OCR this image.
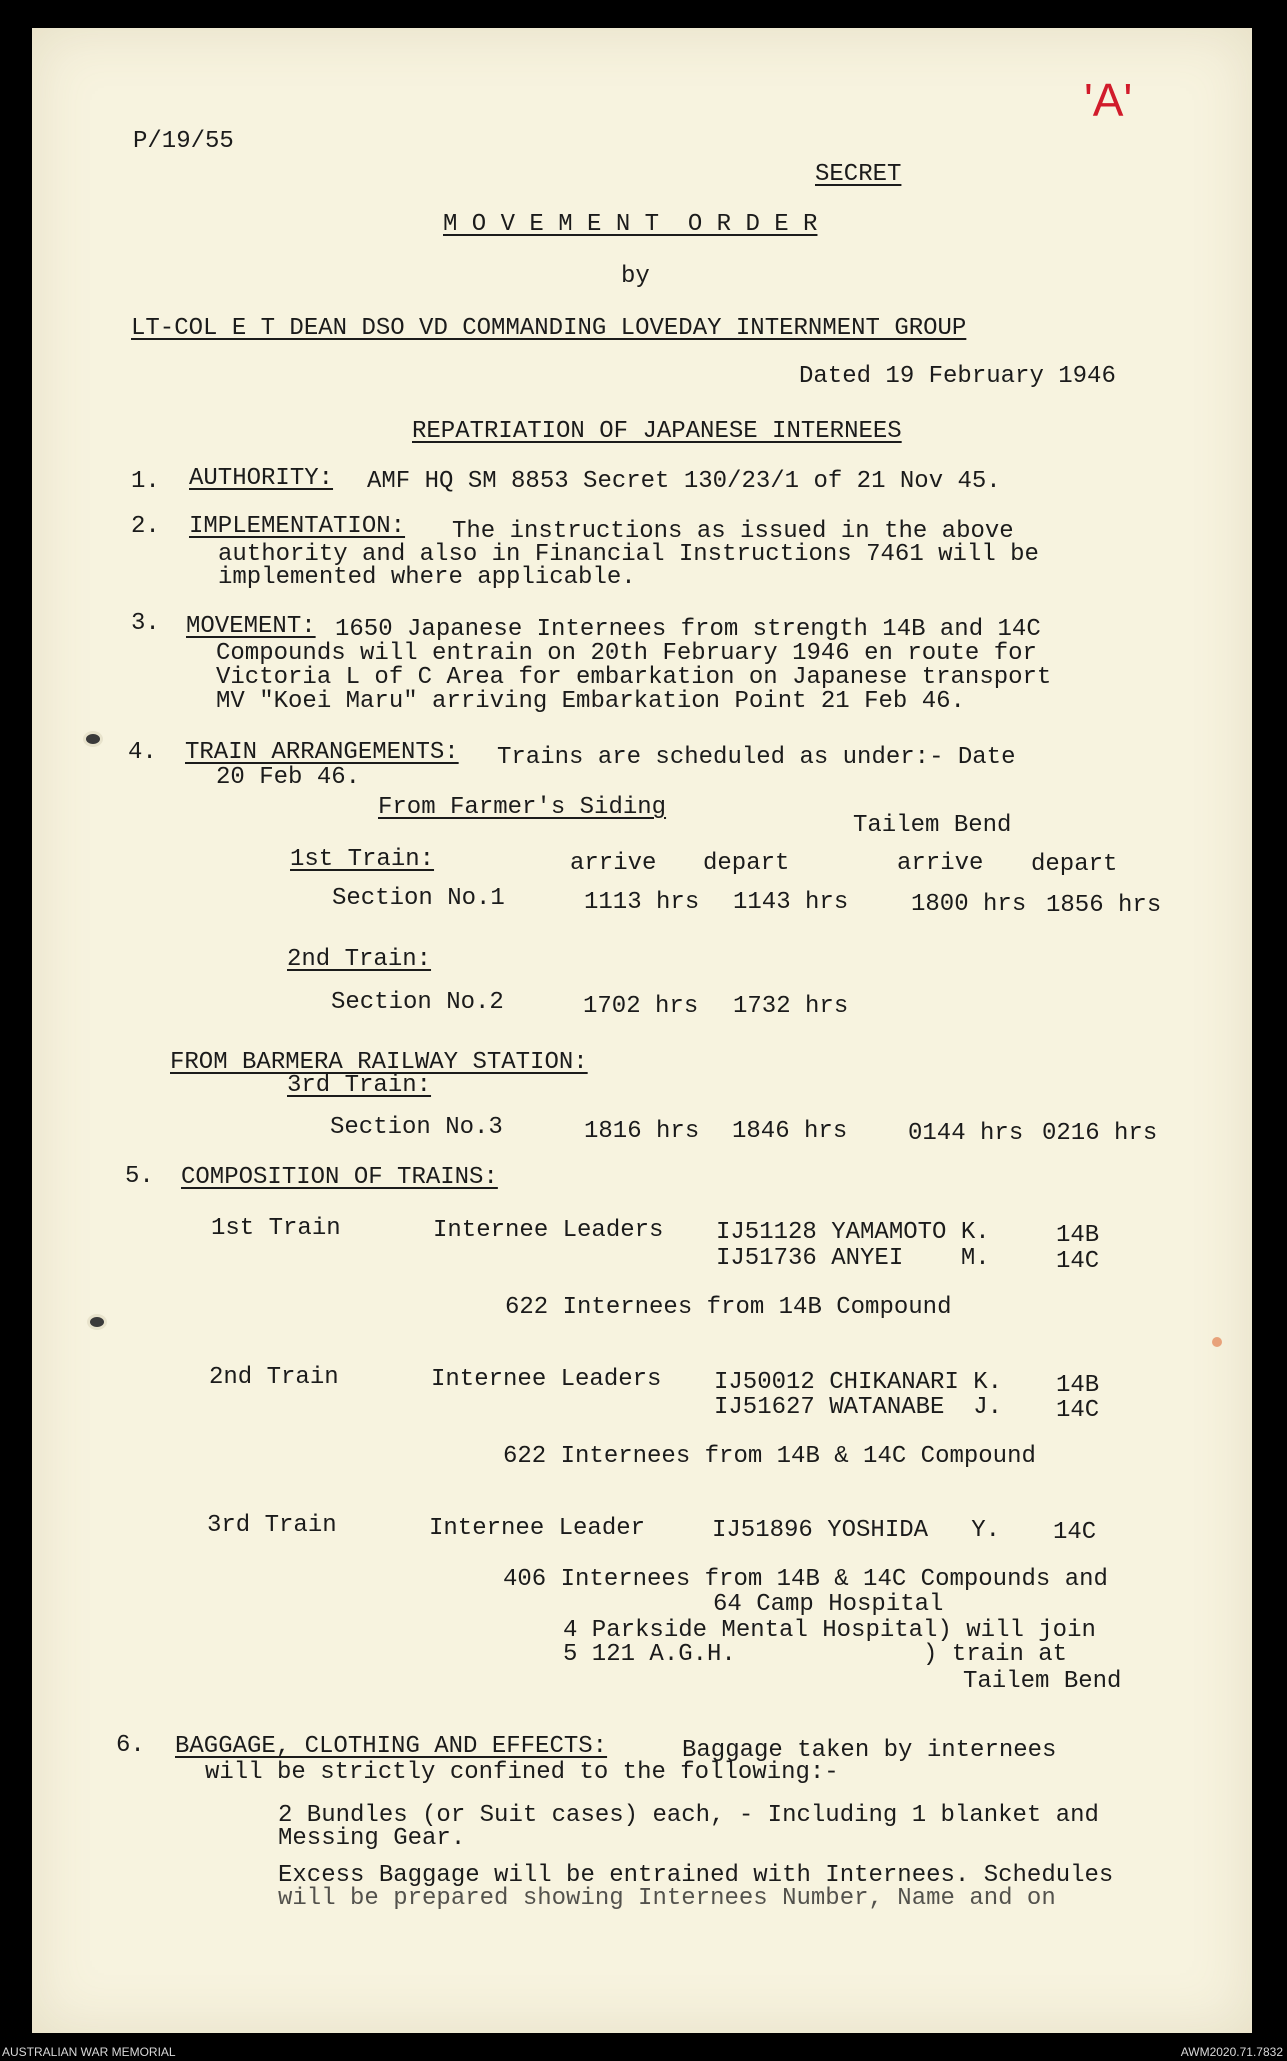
P/19/55
'A'
SECRET
M O V E M E N T  O R D E R
by
LT-COL E T DEAN DSO VD COMMANDING LOVEDAY INTERNMENT GROUP
Dated 19 February 1946
REPATRIATION OF JAPANESE INTERNEES
1. AUTHORITY: AMF HQ SM 8853 Secret 130/23/1 of 21 Nov 45.
2. IMPLEMENTATION: The instructions as issued in the above
authority and also in Financial Instructions 7461 will be
implemented where applicable.
3. MOVEMENT: 1650 Japanese Internees from strength 14B and 14C
Compounds will entrain on 20th February 1946 en route for
Victoria L of C Area for embarkation on Japanese transport
MV "Koei Maru" arriving Embarkation Point 21 Feb 46.
4. TRAIN ARRANGEMENTS: Trains are scheduled as under:- Date
20 Feb 46.
From Farmer's Siding
Tailem Bend
1st Train:	arrive depart	arrive depart
Section No.1	1113 hrs 1143 hrs	1800 hrs 1856 hrs
2nd Train:
Section No.2	1702 hrs 1732 hrs
FROM BARMERA RAILWAY STATION:
3rd Train:
Section No.3	1816 hrs 1846 hrs	0144 hrs 0216 hrs
5. COMPOSITION OF TRAINS:
1st Train	Internee Leaders IJ51128 YAMAMOTO K.	14B
IJ51736 ANYEI    M.	14C
622 Internees from 14B Compound
2nd Train	Internee Leaders IJ50012 CHIKANARI K. 14B
IJ51627 WATANABE  J. 14C
622 Internees from 14B & 14C Compound
3rd Train	Internee Leader	IJ51896 YOSHIDA   Y. 14C
406 Internees from 14B & 14C Compounds and
64 Camp Hospital
4 Parkside Mental Hospital) will join
5 121 A.G.H.             ) train at
Tailem Bend
6. BAGGAGE, CLOTHING AND EFFECTS:	Baggage taken by internees
will be strictly confined to the following:-
2 Bundles (or Suit cases) each, - Including 1 blanket and
Messing Gear.
Excess Baggage will be entrained with Internees. Schedules
will be prepared showing Internees Number, Name and on
AUSTRALIAN WAR MEMORIAL	AWM2020.71.7832
